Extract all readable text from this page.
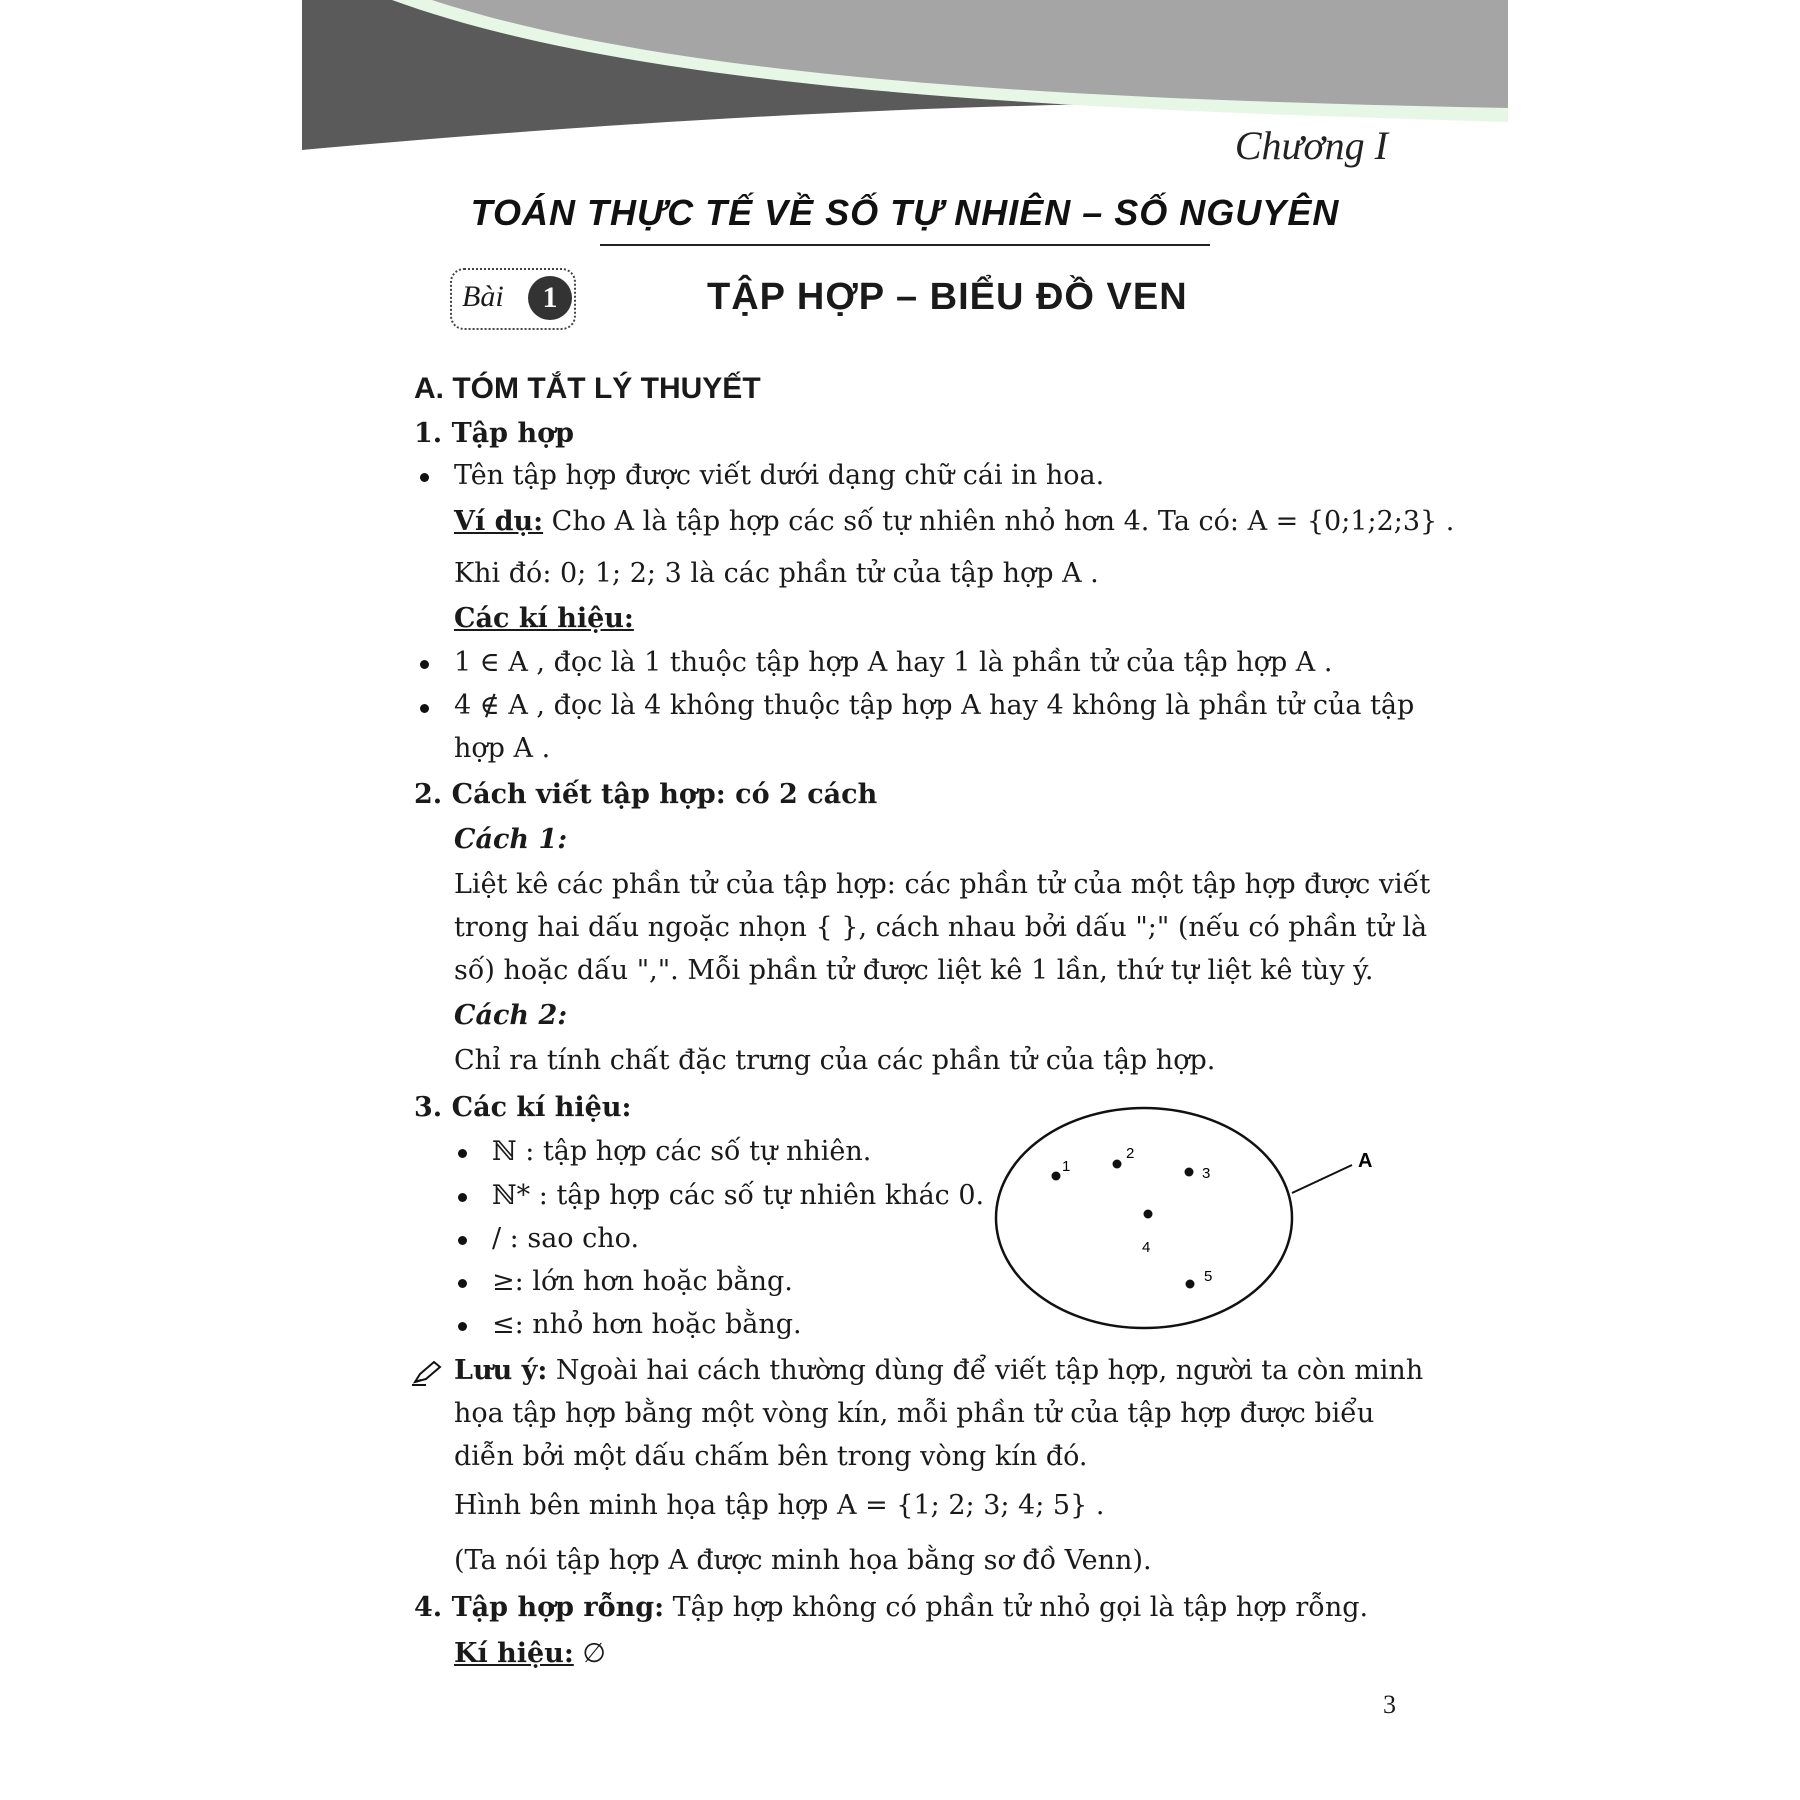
Chương I
TOÁN THỰC TẾ VỀ SỐ TỰ NHIÊN – SỐ NGUYÊN
Bài	1	TẬP HỢP – BIỂU ĐỒ VEN
A. TÓM TẮT LÝ THUYẾT
1. Tập hợp
Tên tập hợp được viết dưới dạng chữ cái in hoa.
Ví dụ: Cho A là tập hợp các số tự nhiên nhỏ hơn 4. Ta có: A = {0;1;2;3} .
Khi đó: 0; 1; 2; 3 là các phần tử của tập hợp A .
Các kí hiệu:
1 ∈ A , đọc là 1 thuộc tập hợp A hay 1 là phần tử của tập hợp A .
4 ∉ A , đọc là 4 không thuộc tập hợp A hay 4 không là phần tử của tập
hợp A .
2. Cách viết tập hợp: có 2 cách
Cách 1:
Liệt kê các phần tử của tập hợp: các phần tử của một tập hợp được viết
trong hai dấu ngoặc nhọn { }, cách nhau bởi dấu ";" (nếu có phần tử là
số) hoặc dấu ",". Mỗi phần tử được liệt kê 1 lần, thứ tự liệt kê tùy ý.
Cách 2:
Chỉ ra tính chất đặc trưng của các phần tử của tập hợp.
3. Các kí hiệu:
ℕ : tập hợp các số tự nhiên.
ℕ* : tập hợp các số tự nhiên khác 0.
/ : sao cho.
≥: lớn hơn hoặc bằng.
≤: nhỏ hơn hoặc bằng.
A
1
2
3
4
5
Lưu ý: Ngoài hai cách thường dùng để viết tập hợp, người ta còn minh
họa tập hợp bằng một vòng kín, mỗi phần tử của tập hợp được biểu
diễn bởi một dấu chấm bên trong vòng kín đó.
Hình bên minh họa tập hợp A = {1; 2; 3; 4; 5} .
(Ta nói tập hợp A được minh họa bằng sơ đồ Venn).
4. Tập hợp rỗng: Tập hợp không có phần tử nhỏ gọi là tập hợp rỗng.
Kí hiệu: ∅
3
